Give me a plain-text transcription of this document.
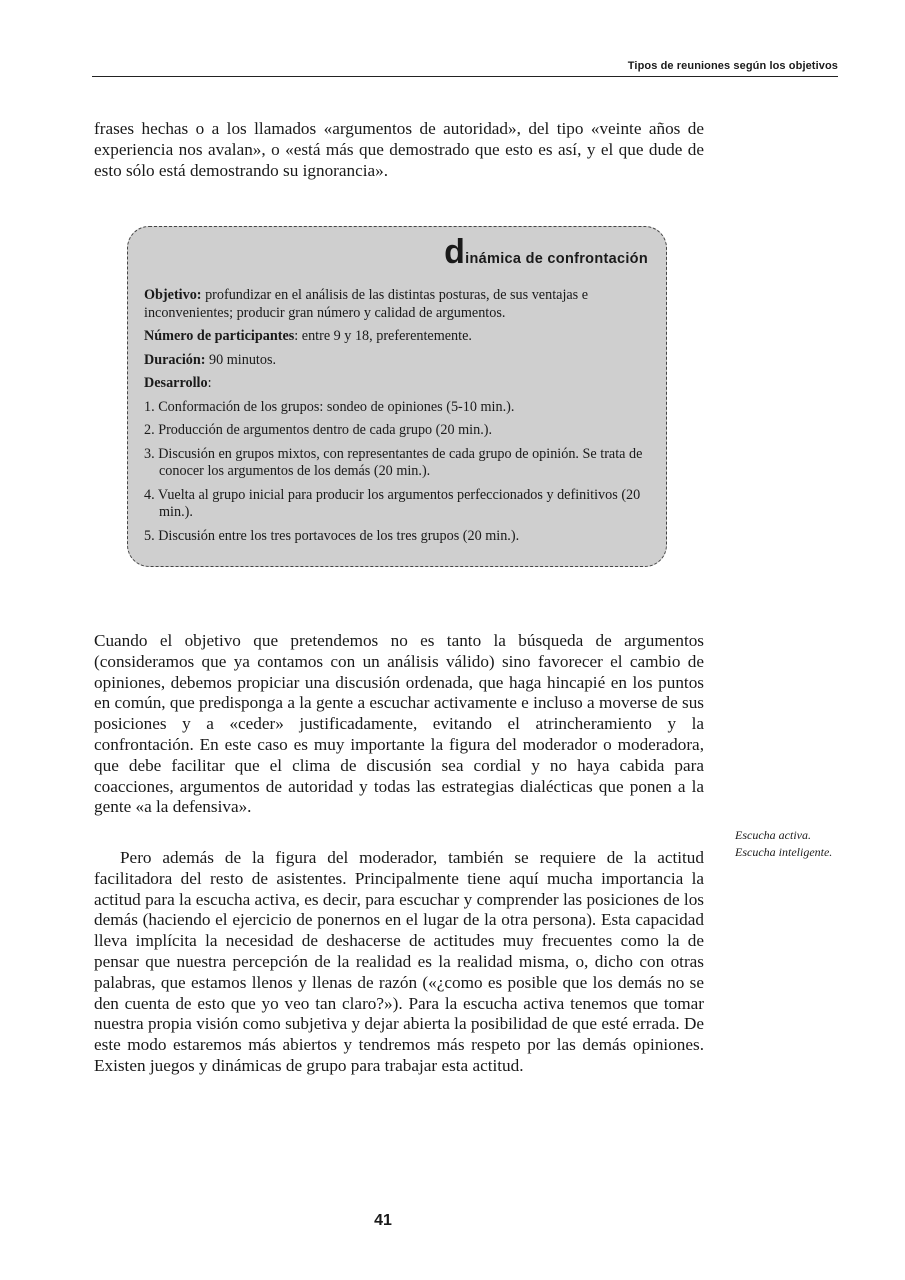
Tipos de reuniones según los objetivos

frases hechas o a los llamados «argumentos de autoridad», del tipo «veinte años de experiencia nos avalan», o «está más que demostrado que esto es así, y el que dude de esto sólo está demostrando su ignorancia».

dinámica de confrontación

Objetivo: profundizar en el análisis de las distintas posturas, de sus ventajas e inconvenientes; producir gran número y calidad de argumentos.

Número de participantes: entre 9 y 18, preferentemente.

Duración: 90 minutos.

Desarrollo:

1. Conformación de los grupos: sondeo de opiniones (5-10 min.).
2. Producción de argumentos dentro de cada grupo (20 min.).
3. Discusión en grupos mixtos, con representantes de cada grupo de opinión. Se trata de conocer los argumentos de los demás (20 min.).
4. Vuelta al grupo inicial para producir los argumentos perfeccionados y definitivos (20 min.).
5. Discusión entre los tres portavoces de los tres grupos (20 min.).

Cuando el objetivo que pretendemos no es tanto la búsqueda de argumentos (consideramos que ya contamos con un análisis válido) sino favorecer el cambio de opiniones, debemos propiciar una discusión ordenada, que haga hincapié en los puntos en común, que predisponga a la gente a escuchar activamente e incluso a moverse de sus posiciones y a «ceder» justificadamente, evitando el atrincheramiento y la confrontación. En este caso es muy importante la figura del moderador o moderadora, que debe facilitar que el clima de discusión sea cordial y no haya cabida para coacciones, argumentos de autoridad y todas las estrategias dialécticas que ponen a la gente «a la defensiva».

Pero además de la figura del moderador, también se requiere de la actitud facilitadora del resto de asistentes. Principalmente tiene aquí mucha importancia la actitud para la escucha activa, es decir, para escuchar y comprender las posiciones de los demás (haciendo el ejercicio de ponernos en el lugar de la otra persona). Esta capacidad lleva implícita la necesidad de deshacerse de actitudes muy frecuentes como la de pensar que nuestra percepción de la realidad es la realidad misma, o, dicho con otras palabras, que estamos llenos y llenas de razón («¿como es posible que los demás no se den cuenta de esto que yo veo tan claro?»). Para la escucha activa tenemos que tomar nuestra propia visión como subjetiva y dejar abierta la posibilidad de que esté errada. De este modo estaremos más abiertos y tendremos más respeto por las demás opiniones. Existen juegos y dinámicas de grupo para trabajar esta actitud.

Escucha activa. Escucha inteligente.
41
